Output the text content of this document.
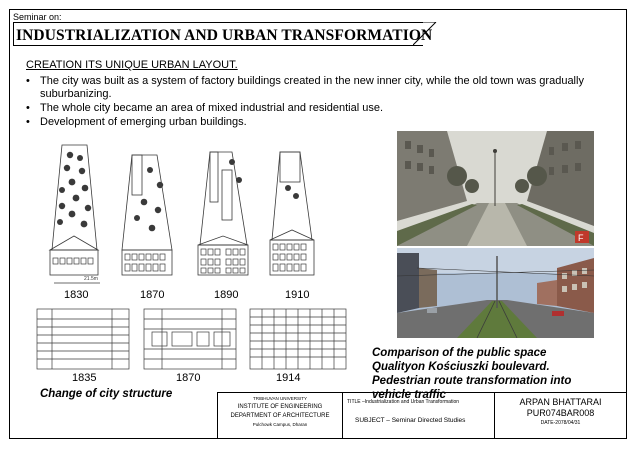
Seminar on:
INDUSTRIALIZATION AND URBAN TRANSFORMATION
CREATION ITS UNIQUE URBAN LAYOUT.
• The city was built as a system of factory buildings created in the new inner city, while the old town was gradually suburbanizing.
• The whole city became an area of mixed industrial and residential use.
• Development of emerging urban buildings.
21.5m
1830	1870	1890	1910
1835	1870	1914
Change of city structure
F
Comparison of the public space Qualityon Kościuszki boulevard. Pedestrian route transformation into vehicle traffic
TRIBHUVAN UNIVERSITY
INSTITUTE OF ENGINEERING
DEPARTMENT OF ARCHITECTURE
Pulchowk Campus, Dharan
TITLE –Industrialization and Urban Transformation
SUBJECT – Seminar Directed Studies
ARPAN BHATTARAI
PUR074BAR008
DATE-2078/04/31
